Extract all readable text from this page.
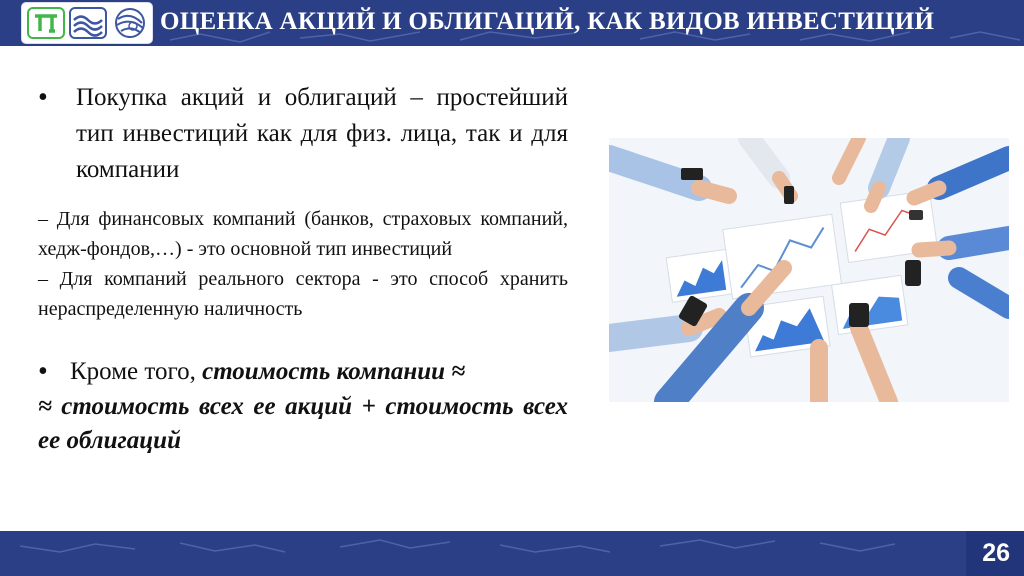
ОЦЕНКА АКЦИЙ И ОБЛИГАЦИЙ, КАК ВИДОВ ИНВЕСТИЦИЙ
•	Покупка акций и облигаций – простейший тип инвестиций как для физ. лица, так и для компании
– Для финансовых компаний (банков, страховых компаний, хедж-фондов,…) - это основной тип инвестиций
– Для компаний реального сектора - это способ хранить нераспределенную наличность
• Кроме того, стоимость компании ≈
≈ стоимость всех ее акций + стоимость всех ее облигаций
26
